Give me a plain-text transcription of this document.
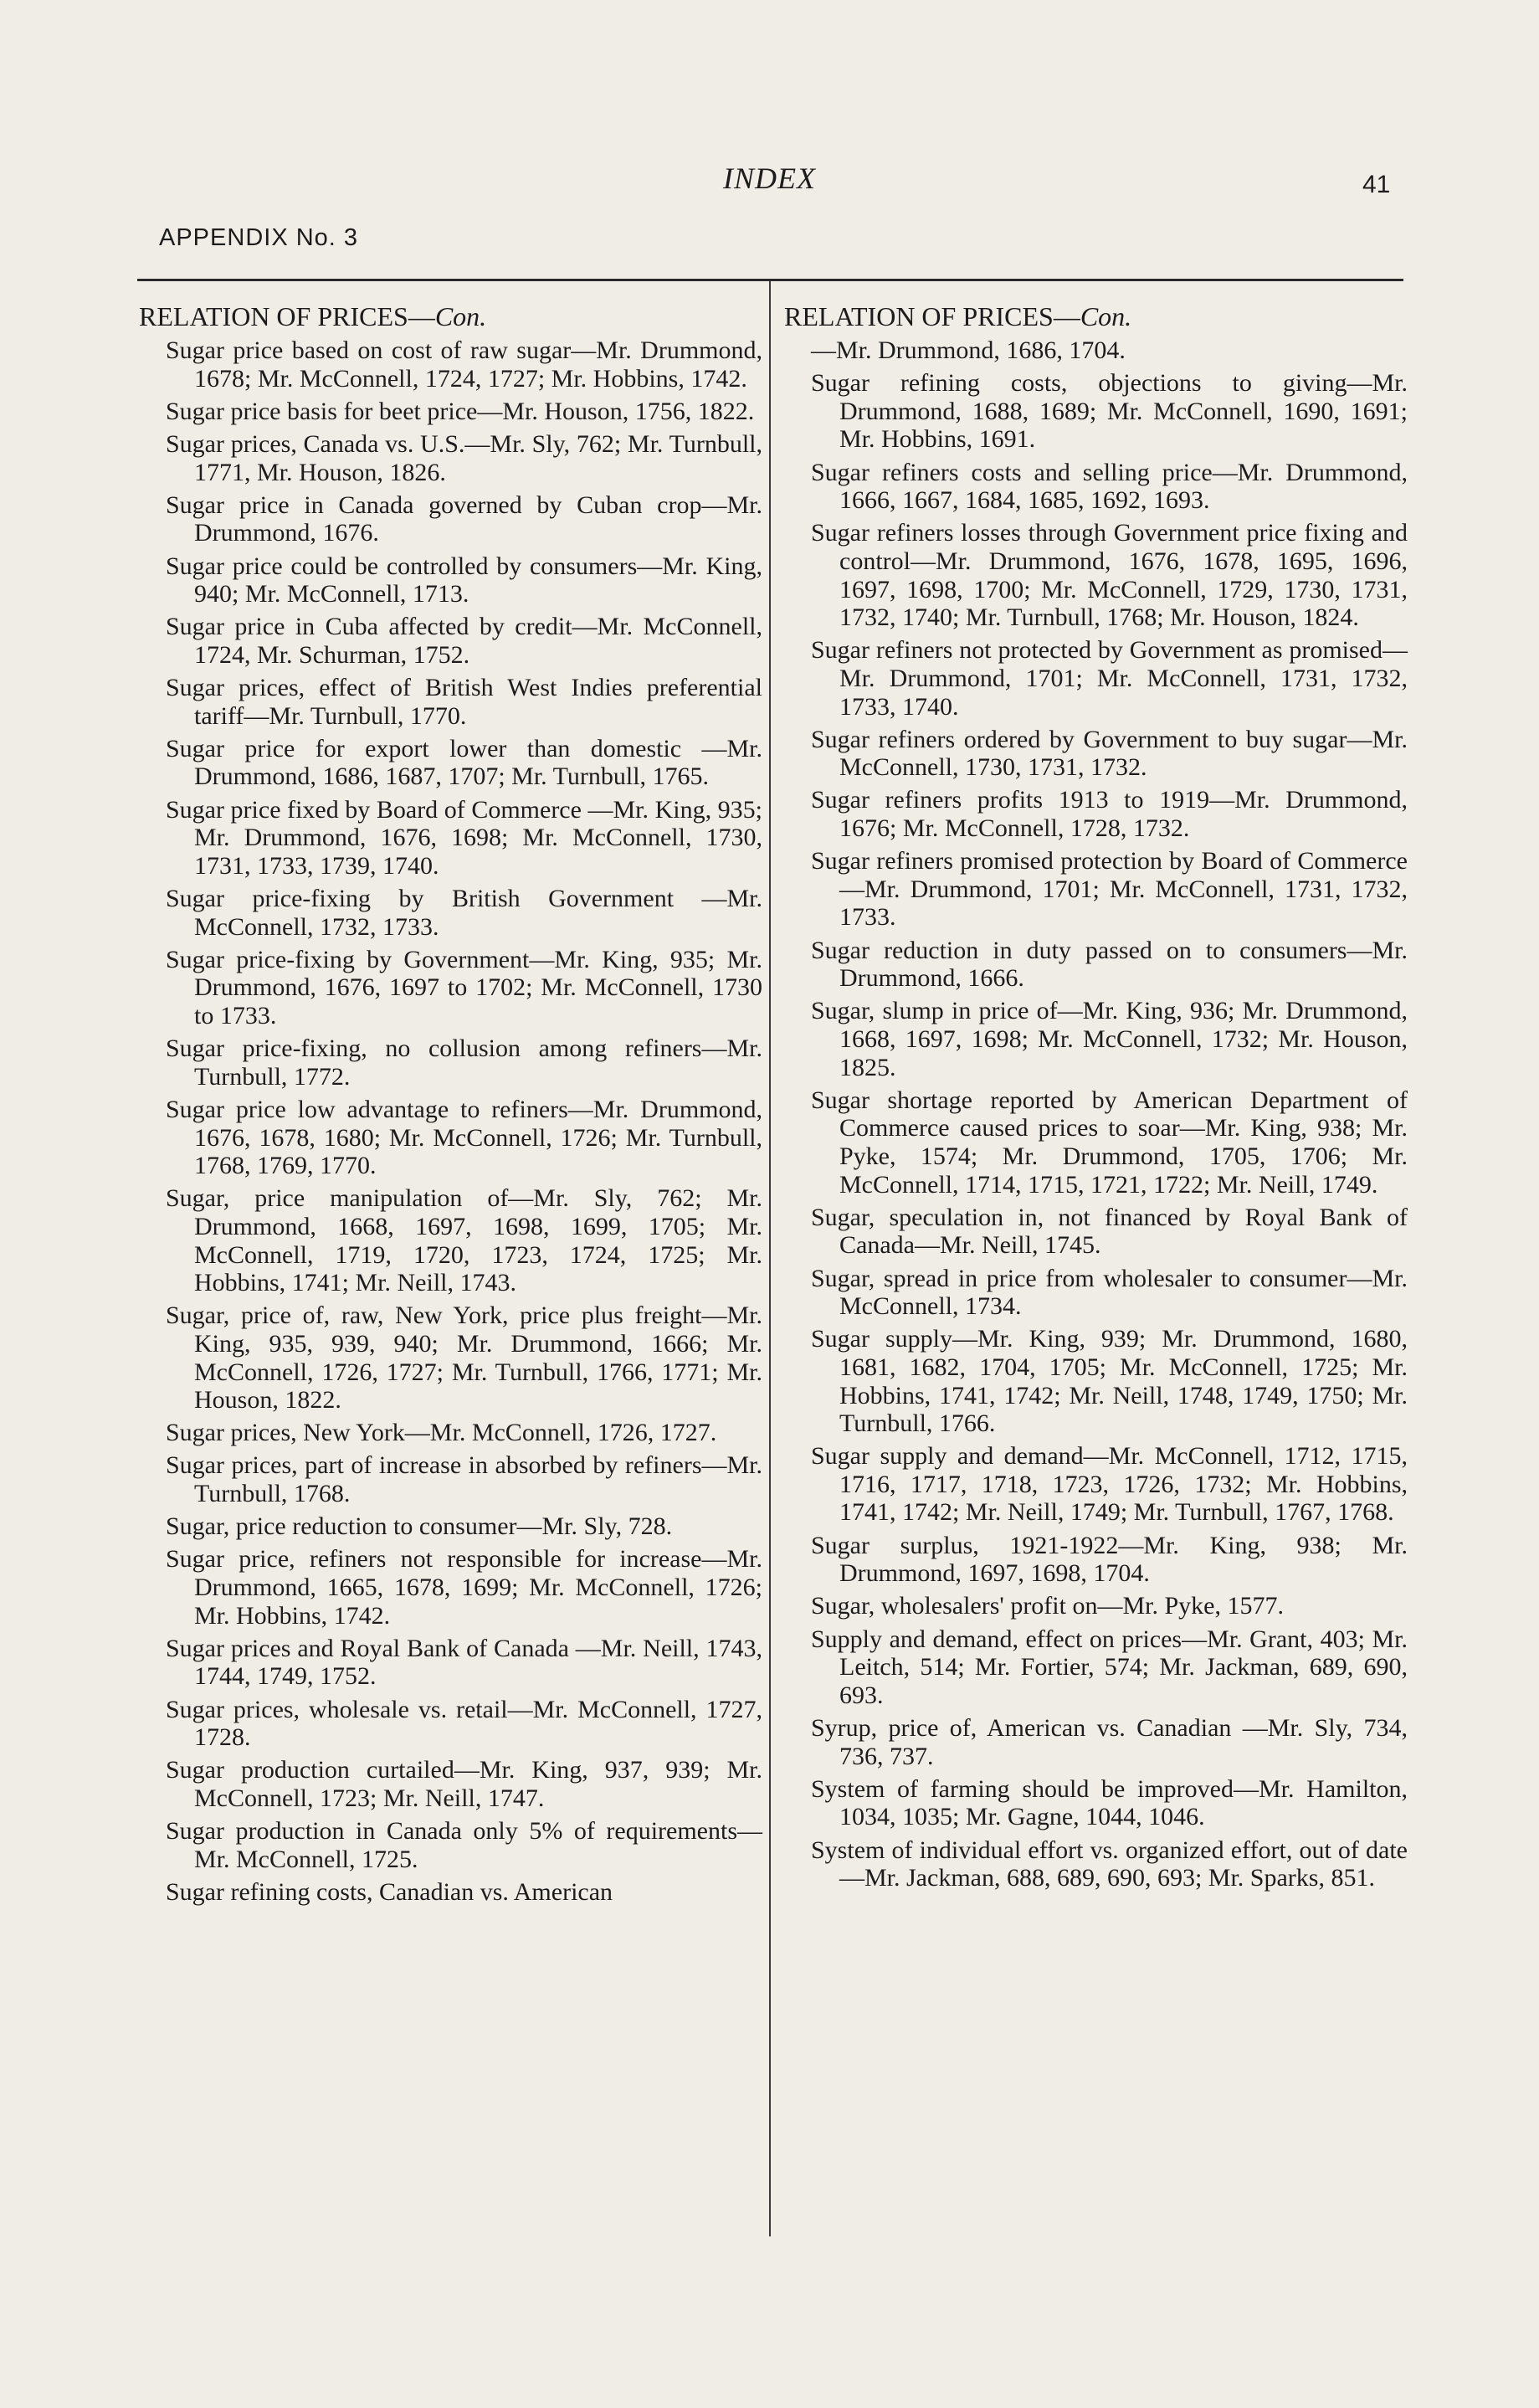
INDEX	41
APPENDIX No. 3
RELATION OF PRICES—Con.
Sugar price based on cost of raw sugar—Mr. Drummond, 1678; Mr. McConnell, 1724, 1727; Mr. Hobbins, 1742.
Sugar price basis for beet price—Mr. Houson, 1756, 1822.
Sugar prices, Canada vs. U.S.—Mr. Sly, 762; Mr. Turnbull, 1771, Mr. Houson, 1826.
Sugar price in Canada governed by Cuban crop—Mr. Drummond, 1676.
Sugar price could be controlled by consumers—Mr. King, 940; Mr. McConnell, 1713.
Sugar price in Cuba affected by credit—Mr. McConnell, 1724, Mr. Schurman, 1752.
Sugar prices, effect of British West Indies preferential tariff—Mr. Turnbull, 1770.
Sugar price for export lower than domestic —Mr. Drummond, 1686, 1687, 1707; Mr. Turnbull, 1765.
Sugar price fixed by Board of Commerce —Mr. King, 935; Mr. Drummond, 1676, 1698; Mr. McConnell, 1730, 1731, 1733, 1739, 1740.
Sugar price-fixing by British Government —Mr. McConnell, 1732, 1733.
Sugar price-fixing by Government—Mr. King, 935; Mr. Drummond, 1676, 1697 to 1702; Mr. McConnell, 1730 to 1733.
Sugar price-fixing, no collusion among refiners—Mr. Turnbull, 1772.
Sugar price low advantage to refiners—Mr. Drummond, 1676, 1678, 1680; Mr. McConnell, 1726; Mr. Turnbull, 1768, 1769, 1770.
Sugar, price manipulation of—Mr. Sly, 762; Mr. Drummond, 1668, 1697, 1698, 1699, 1705; Mr. McConnell, 1719, 1720, 1723, 1724, 1725; Mr. Hobbins, 1741; Mr. Neill, 1743.
Sugar, price of, raw, New York, price plus freight—Mr. King, 935, 939, 940; Mr. Drummond, 1666; Mr. McConnell, 1726, 1727; Mr. Turnbull, 1766, 1771; Mr. Houson, 1822.
Sugar prices, New York—Mr. McConnell, 1726, 1727.
Sugar prices, part of increase in absorbed by refiners—Mr. Turnbull, 1768.
Sugar, price reduction to consumer—Mr. Sly, 728.
Sugar price, refiners not responsible for increase—Mr. Drummond, 1665, 1678, 1699; Mr. McConnell, 1726; Mr. Hobbins, 1742.
Sugar prices and Royal Bank of Canada —Mr. Neill, 1743, 1744, 1749, 1752.
Sugar prices, wholesale vs. retail—Mr. McConnell, 1727, 1728.
Sugar production curtailed—Mr. King, 937, 939; Mr. McConnell, 1723; Mr. Neill, 1747.
Sugar production in Canada only 5% of requirements—Mr. McConnell, 1725.
Sugar refining costs, Canadian vs. American
RELATION OF PRICES—Con.
—Mr. Drummond, 1686, 1704.
Sugar refining costs, objections to giving—Mr. Drummond, 1688, 1689; Mr. McConnell, 1690, 1691; Mr. Hobbins, 1691.
Sugar refiners costs and selling price—Mr. Drummond, 1666, 1667, 1684, 1685, 1692, 1693.
Sugar refiners losses through Government price fixing and control—Mr. Drummond, 1676, 1678, 1695, 1696, 1697, 1698, 1700; Mr. McConnell, 1729, 1730, 1731, 1732, 1740; Mr. Turnbull, 1768; Mr. Houson, 1824.
Sugar refiners not protected by Government as promised—Mr. Drummond, 1701; Mr. McConnell, 1731, 1732, 1733, 1740.
Sugar refiners ordered by Government to buy sugar—Mr. McConnell, 1730, 1731, 1732.
Sugar refiners profits 1913 to 1919—Mr. Drummond, 1676; Mr. McConnell, 1728, 1732.
Sugar refiners promised protection by Board of Commerce—Mr. Drummond, 1701; Mr. McConnell, 1731, 1732, 1733.
Sugar reduction in duty passed on to consumers—Mr. Drummond, 1666.
Sugar, slump in price of—Mr. King, 936; Mr. Drummond, 1668, 1697, 1698; Mr. McConnell, 1732; Mr. Houson, 1825.
Sugar shortage reported by American Department of Commerce caused prices to soar—Mr. King, 938; Mr. Pyke, 1574; Mr. Drummond, 1705, 1706; Mr. McConnell, 1714, 1715, 1721, 1722; Mr. Neill, 1749.
Sugar, speculation in, not financed by Royal Bank of Canada—Mr. Neill, 1745.
Sugar, spread in price from wholesaler to consumer—Mr. McConnell, 1734.
Sugar supply—Mr. King, 939; Mr. Drummond, 1680, 1681, 1682, 1704, 1705; Mr. McConnell, 1725; Mr. Hobbins, 1741, 1742; Mr. Neill, 1748, 1749, 1750; Mr. Turnbull, 1766.
Sugar supply and demand—Mr. McConnell, 1712, 1715, 1716, 1717, 1718, 1723, 1726, 1732; Mr. Hobbins, 1741, 1742; Mr. Neill, 1749; Mr. Turnbull, 1767, 1768.
Sugar surplus, 1921-1922—Mr. King, 938; Mr. Drummond, 1697, 1698, 1704.
Sugar, wholesalers' profit on—Mr. Pyke, 1577.
Supply and demand, effect on prices—Mr. Grant, 403; Mr. Leitch, 514; Mr. Fortier, 574; Mr. Jackman, 689, 690, 693.
Syrup, price of, American vs. Canadian —Mr. Sly, 734, 736, 737.
System of farming should be improved—Mr. Hamilton, 1034, 1035; Mr. Gagne, 1044, 1046.
System of individual effort vs. organized effort, out of date—Mr. Jackman, 688, 689, 690, 693; Mr. Sparks, 851.
